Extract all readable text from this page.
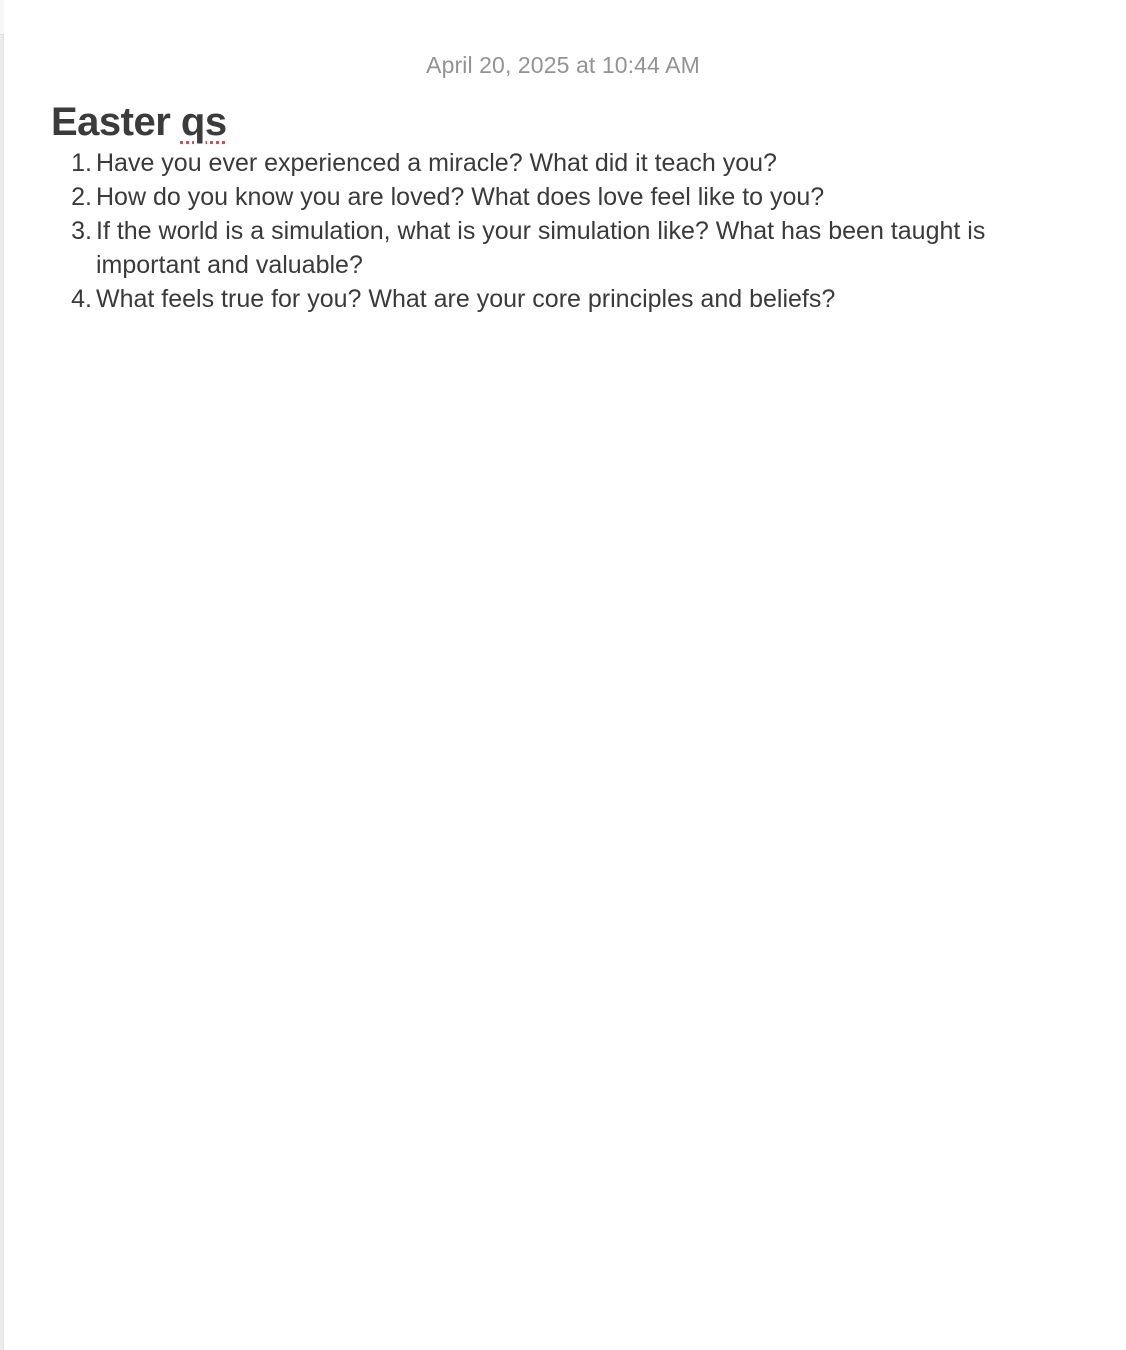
April 20, 2025 at 10:44 AM
Easter qs
1. Have you ever experienced a miracle? What did it teach you?
2. How do you know you are loved? What does love feel like to you?
3. If the world is a simulation, what is your simulation like? What has been taught is important and valuable?
4. What feels true for you? What are your core principles and beliefs?
